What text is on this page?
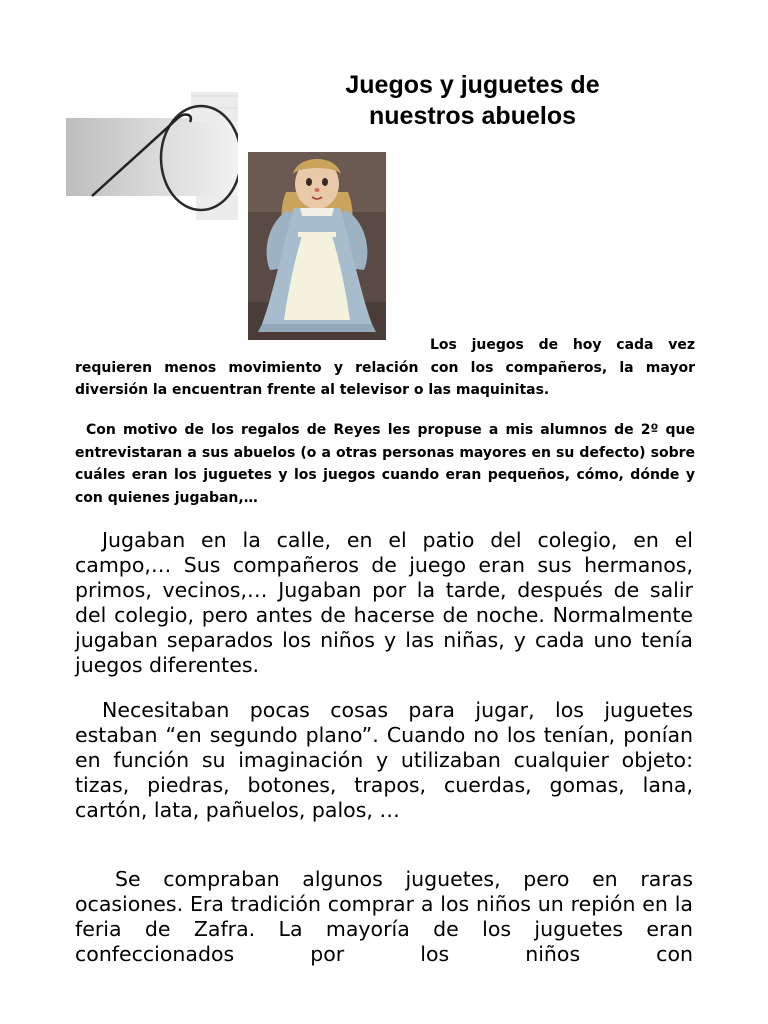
Juegos y juguetes de
nuestros abuelos
Los juegos de hoy cada vez requieren menos movimiento y relación con los compañeros, la mayor diversión la encuentran frente al televisor o las maquinitas.
Con motivo de los regalos de Reyes les propuse a mis alumnos de 2º que entrevistaran a sus abuelos (o a otras personas mayores en su defecto) sobre cuáles eran los juguetes y los juegos cuando eran pequeños, cómo, dónde y con quienes jugaban,…
Jugaban en la calle, en el patio del colegio, en el campo,… Sus compañeros de juego eran sus hermanos, primos, vecinos,… Jugaban por la tarde, después de salir del colegio, pero antes de hacerse de noche. Normalmente jugaban separados los niños y las niñas, y cada uno tenía juegos diferentes.
Necesitaban pocas cosas para jugar, los juguetes estaban “en segundo plano”. Cuando no los tenían, ponían en función su imaginación y utilizaban cualquier objeto: tizas, piedras, botones, trapos, cuerdas, gomas, lana, cartón, lata, pañuelos, palos, …
Se compraban algunos juguetes, pero en raras ocasiones. Era tradición comprar a los niños un repión en la feria de Zafra. La mayoría de los juguetes eran confeccionados por los niños con
